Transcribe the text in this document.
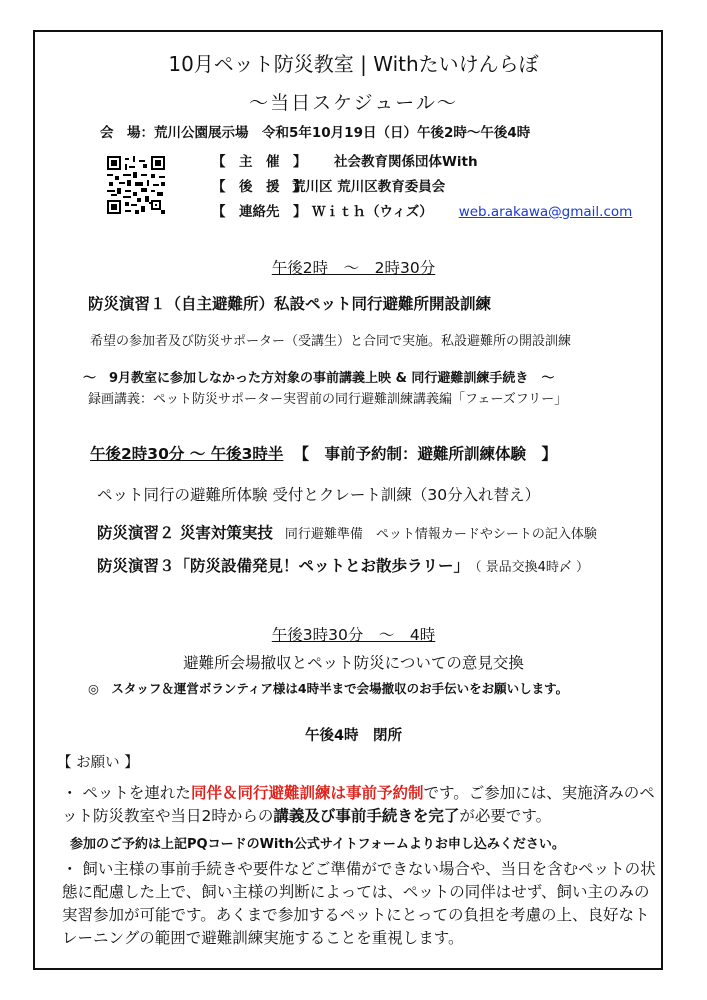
10月ペット防災教室 | Withたいけんらぼ
～当日スケジュール～
会　場：荒川公園展示場　令和5年10月19日（日）午後2時～午後4時
【　主　催　】 社会教育関係団体With
【　後　援　】荒川区 荒川区教育委員会
【　連絡先　】 Ｗｉｔｈ（ウィズ） web.arakawa@gmail.com
午後2時　～　2時30分
防災演習１（自主避難所）私設ペット同行避難所開設訓練
希望の参加者及び防災サポーター（受講生）と合同で実施。私設避難所の開設訓練
～　9月教室に参加しなかった方対象の事前講義上映 & 同行避難訓練手続き　～
録画講義：ペット防災サポーター実習前の同行避難訓練講義編「フェーズフリー」
午後2時30分 ～ 午後3時半 【　事前予約制：避難所訓練体験　】
ペット同行の避難所体験 受付とクレート訓練（30分入れ替え）
防災演習２ 災害対策実技 同行避難準備　ペット情報カードやシートの記入体験
防災演習３「防災設備発見！ペットとお散歩ラリー」 （ 景品交換4時〆 ）
午後3時30分　～　4時
避難所会場撤収とペット防災についての意見交換
◎　スタッフ＆運営ボランティア様は4時半まで会場撤収のお手伝いをお願いします。
午後4時　閉所
【 お願い 】
・ ペットを連れた同伴＆同行避難訓練は事前予約制です。ご参加には、実施済みのペット防災教室や当日2時からの講義及び事前手続きを完了が必要です。
参加のご予約は上記PQコードのWith公式サイトフォームよりお申し込みください。
・ 飼い主様の事前手続きや要件などご準備ができない場合や、当日を含むペットの状態に配慮した上で、飼い主様の判断によっては、ペットの同伴はせず、飼い主のみの実習参加が可能です。あくまで参加するペットにとっての負担を考慮の上、良好なトレーニングの範囲で避難訓練実施することを重視します。
